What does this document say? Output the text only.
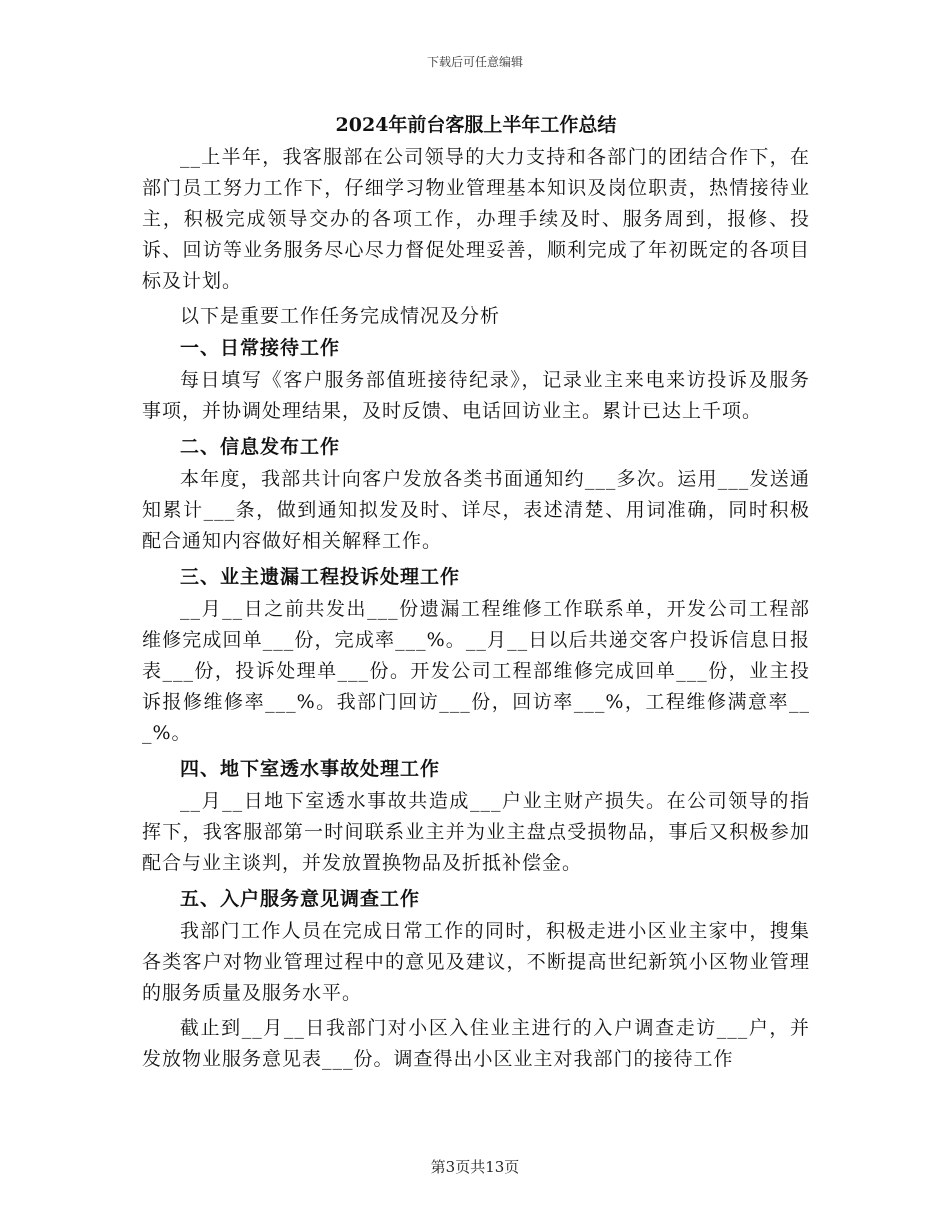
下载后可任意编辑
2024年前台客服上半年工作总结

__上半年，我客服部在公司领导的大力支持和各部门的团结合作下，在部门员工努力工作下，仔细学习物业管理基本知识及岗位职责，热情接待业主，积极完成领导交办的各项工作，办理手续及时、服务周到，报修、投诉、回访等业务服务尽心尽力督促处理妥善，顺利完成了年初既定的各项目标及计划。

以下是重要工作任务完成情况及分析

一、日常接待工作

每日填写《客户服务部值班接待纪录》，记录业主来电来访投诉及服务事项，并协调处理结果，及时反馈、电话回访业主。累计已达上千项。

二、信息发布工作

本年度，我部共计向客户发放各类书面通知约___多次。运用___发送通知累计___条，做到通知拟发及时、详尽，表述清楚、用词准确，同时积极配合通知内容做好相关解释工作。

三、业主遗漏工程投诉处理工作

__月__日之前共发出___份遗漏工程维修工作联系单，开发公司工程部维修完成回单___份，完成率___%。__月__日以后共递交客户投诉信息日报表___份，投诉处理单___份。开发公司工程部维修完成回单___份，业主投诉报修维修率___%。我部门回访___份，回访率___%，工程维修满意率___%。

四、地下室透水事故处理工作

__月__日地下室透水事故共造成___户业主财产损失。在公司领导的指挥下，我客服部第一时间联系业主并为业主盘点受损物品，事后又积极参加配合与业主谈判，并发放置换物品及折抵补偿金。

五、入户服务意见调查工作

我部门工作人员在完成日常工作的同时，积极走进小区业主家中，搜集各类客户对物业管理过程中的意见及建议，不断提高世纪新筑小区物业管理的服务质量及服务水平。

截止到__月__日我部门对小区入住业主进行的入户调查走访___户，并发放物业服务意见表___份。调查得出小区业主对我部门的接待工作

第3页共13页
